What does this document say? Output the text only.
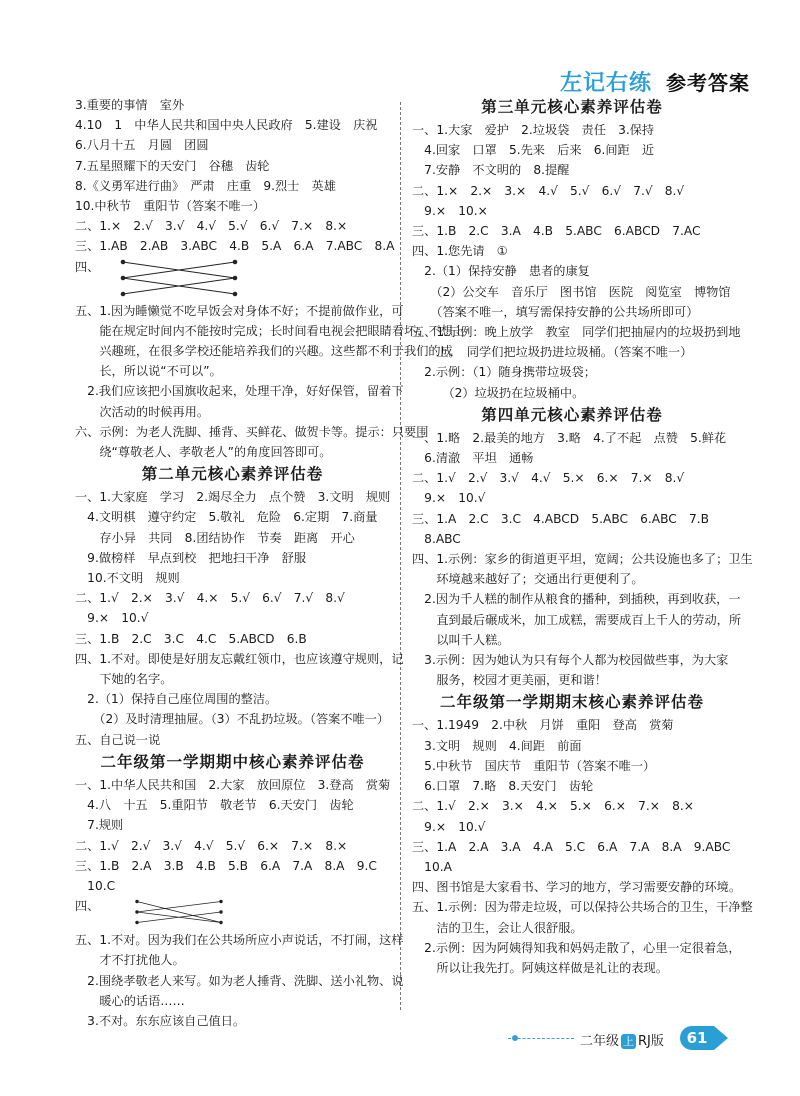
左记右练 参考答案
3.重要的事情　室外
4.10　1　中华人民共和国中央人民政府　5.建设　庆祝
6.八月十五　月圆　团圆
7.五星照耀下的天安门　谷穗　齿轮
8.《义勇军进行曲》　严肃　庄重　9.烈士　英雄
10.中秋节　重阳节（答案不唯一）
二、1.×　2.√　3.√　4.√　5.√　6.√　7.×　8.×
三、1.AB　2.AB　3.ABC　4.B　5.A　6.A　7.ABC　8.A
四、
五、1.因为睡懒觉不吃早饭会对身体不好；不提前做作业，可
　　能在规定时间内不能按时完成；长时间看电视会把眼睛看坏；不想上
　　兴趣班，在很多学校还能培养我们的兴趣。这些都不利于我们的成
　　长，所以说“不可以”。
　2.我们应该把小国旗收起来，处理干净，好好保管，留着下
　　次活动的时候再用。
六、示例：为老人洗脚、捶背、买鲜花、做贺卡等。提示：只要围
　　绕“尊敬老人、孝敬老人”的角度回答即可。
第二单元核心素养评估卷
一、1.大家庭　学习　2.竭尽全力　点个赞　3.文明　规则
　4.文明棋　遵守约定　5.敬礼　危险　6.定期　7.商量
　　存小异　共同　8.团结协作　节奏　距离　开心
　9.做榜样　早点到校　把地扫干净　舒服
　10.不文明　规则
二、1.√　2.×　3.√　4.×　5.√　6.√　7.√　8.√
　9.×　10.√
三、1.B　2.C　3.C　4.C　5.ABCD　6.B
四、1.不对。即使是好朋友忘戴红领巾，也应该遵守规则，记
　　下她的名字。
　2.（1）保持自己座位周围的整洁。
　　（2）及时清理抽屉。（3）不乱扔垃圾。（答案不唯一）
五、自己说一说
二年级第一学期期中核心素养评估卷
一、1.中华人民共和国　2.大家　放回原位　3.登高　赏菊
　4.八　十五　5.重阳节　敬老节　6.天安门　齿轮
　7.规则
二、1.√　2.√　3.√　4.√　5.√　6.×　7.×　8.×
三、1.B　2.A　3.B　4.B　5.B　6.A　7.A　8.A　9.C
　10.C
四、
五、1.不对。因为我们在公共场所应小声说话，不打闹，这样
　　才不打扰他人。
　2.围绕孝敬老人来写。如为老人捶背、洗脚、送小礼物、说
　　暖心的话语……
　3.不对。东东应该自己值日。
第三单元核心素养评估卷
一、1.大家　爱护　2.垃圾袋　责任　3.保持
　4.回家　口罩　5.先来　后来　6.间距　近
　7.安静　不文明的　8.提醒
二、1.×　2.×　3.×　4.√　5.√　6.√　7.√　8.√
　9.×　10.×
三、1.B　2.C　3.A　4.B　5.ABC　6.ABCD　7.AC
四、1.您先请　①
　2.（1）保持安静　患者的康复
　　（2）公交车　音乐厅　图书馆　医院　阅览室　博物馆
　　（答案不唯一，填写需保持安静的公共场所即可）
五、1.示例：晚上放学　教室　同学们把抽屉内的垃圾扔到地
　　上。　同学们把垃圾扔进垃圾桶。（答案不唯一）
　2.示例：（1）随身携带垃圾袋；
　　　（2）垃圾扔在垃圾桶中。
第四单元核心素养评估卷
一、1.略　2.最美的地方　3.略　4.了不起　点赞　5.鲜花
　6.清澈　平坦　通畅
二、1.√　2.√　3.√　4.√　5.×　6.×　7.×　8.√
　9.×　10.√
三、1.A　2.C　3.C　4.ABCD　5.ABC　6.ABC　7.B
　8.ABC
四、1.示例：家乡的街道更平坦，宽阔；公共设施也多了；卫生
　　环境越来越好了；交通出行更便利了。
　2.因为千人糕的制作从粮食的播种，到插秧，再到收获，一
　　直到最后碾成米，加工成糕，需要成百上千人的劳动，所
　　以叫千人糕。
　3.示例：因为她认为只有每个人都为校园做些事，为大家
　　服务，校园才更美丽，更和谐！
二年级第一学期期末核心素养评估卷
一、1.1949　2.中秋　月饼　重阳　登高　赏菊
　3.文明　规则　4.间距　前面
　5.中秋节　国庆节　重阳节（答案不唯一）
　6.口罩　7.略　8.天安门　齿轮
二、1.√　2.×　3.×　4.×　5.×　6.×　7.×　8.×
　9.×　10.√
三、1.A　2.A　3.A　4.A　5.C　6.A　7.A　8.A　9.ABC
　10.A
四、图书馆是大家看书、学习的地方，学习需要安静的环境。
五、1.示例：因为带走垃圾，可以保持公共场合的卫生，干净整
　　洁的卫生，会让人很舒服。
　2.示例：因为阿姨得知我和妈妈走散了，心里一定很着急，
　　所以让我先打。阿姨这样做是礼让的表现。
二年级 上 RJ版	61
